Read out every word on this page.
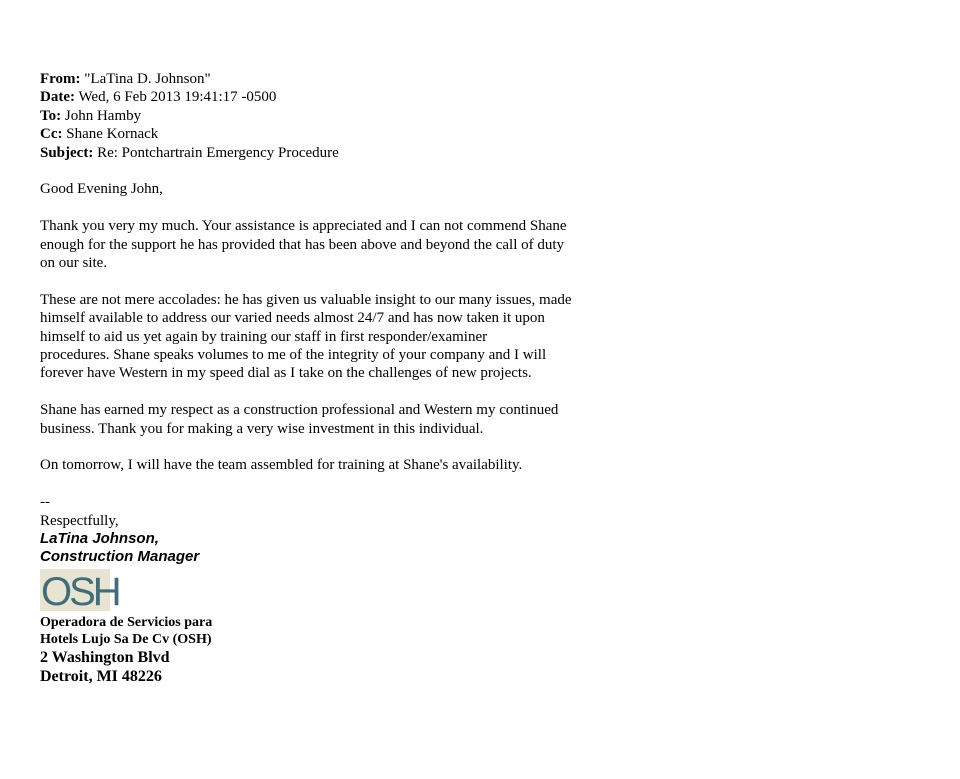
From: "LaTina D. Johnson"
Date: Wed, 6 Feb 2013 19:41:17 -0500
To: John Hamby
Cc: Shane Kornack
Subject: Re: Pontchartrain Emergency Procedure

Good Evening John,

Thank you very my much. Your assistance is appreciated and I can not commend Shane
enough for the support he has provided that has been above and beyond the call of duty
on our site.

These are not mere accolades: he has given us valuable insight to our many issues, made
himself available to address our varied needs almost 24/7 and has now taken it upon
himself to aid us yet again by training our staff in first responder/examiner
procedures. Shane speaks volumes to me of the integrity of your company and I will
forever have Western in my speed dial as I take on the challenges of new projects.

Shane has earned my respect as a construction professional and Western my continued
business. Thank you for making a very wise investment in this individual.

On tomorrow, I will have the team assembled for training at Shane's availability.

--
Respectfully,
LaTina Johnson,
Construction Manager
OSH
Operadora de Servicios para
Hotels Lujo Sa De Cv (OSH)
2 Washington Blvd
Detroit, MI 48226
